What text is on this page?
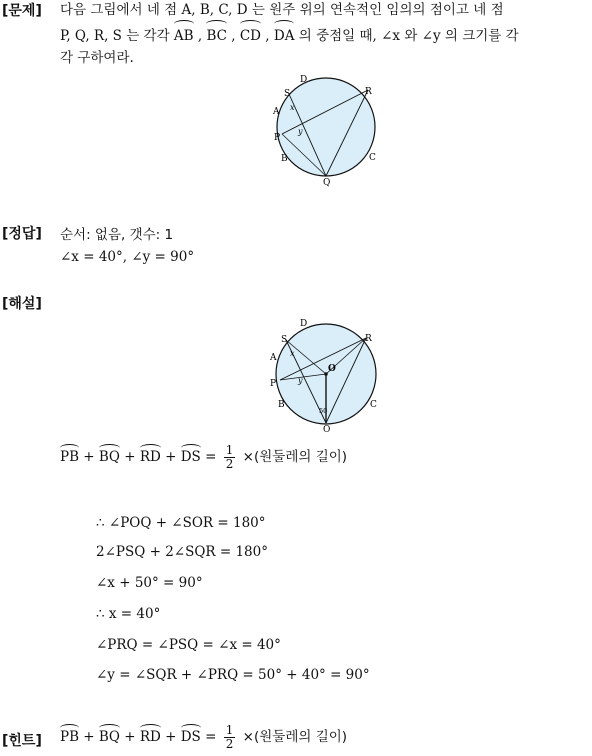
[문제] 다음 그림에서 네 점 A, B, C, D 는 원주 위의 연속적인 임의의 점이고 네 점
P, Q, R, S 는 각각 AB , BC , CD , DA 의 중점일 때, ∠x 와 ∠y 의 크기를 각
각 구하여라.
D
R
S
A
P
B
Q
C
x
y
[정답] 순서: 없음, 갯수: 1
∠x = 40°, ∠y = 90°
[해설]
D
R
S
A
O
P
B
Q
C
x
y
50
PB + BQ + RD + DS = $\frac{1}{2}$ ×(원둘레의 길이)
∴ ∠POQ + ∠SOR = 180°
2∠PSQ + 2∠SQR = 180°
∠x + 50° = 90°
∴ x = 40°
∠PRQ = ∠PSQ = ∠x = 40°
∠y = ∠SQR + ∠PRQ = 50° + 40° = 90°
[힌트] PB + BQ + RD + DS = $\frac{1}{2}$ ×(원둘레의 길이)
